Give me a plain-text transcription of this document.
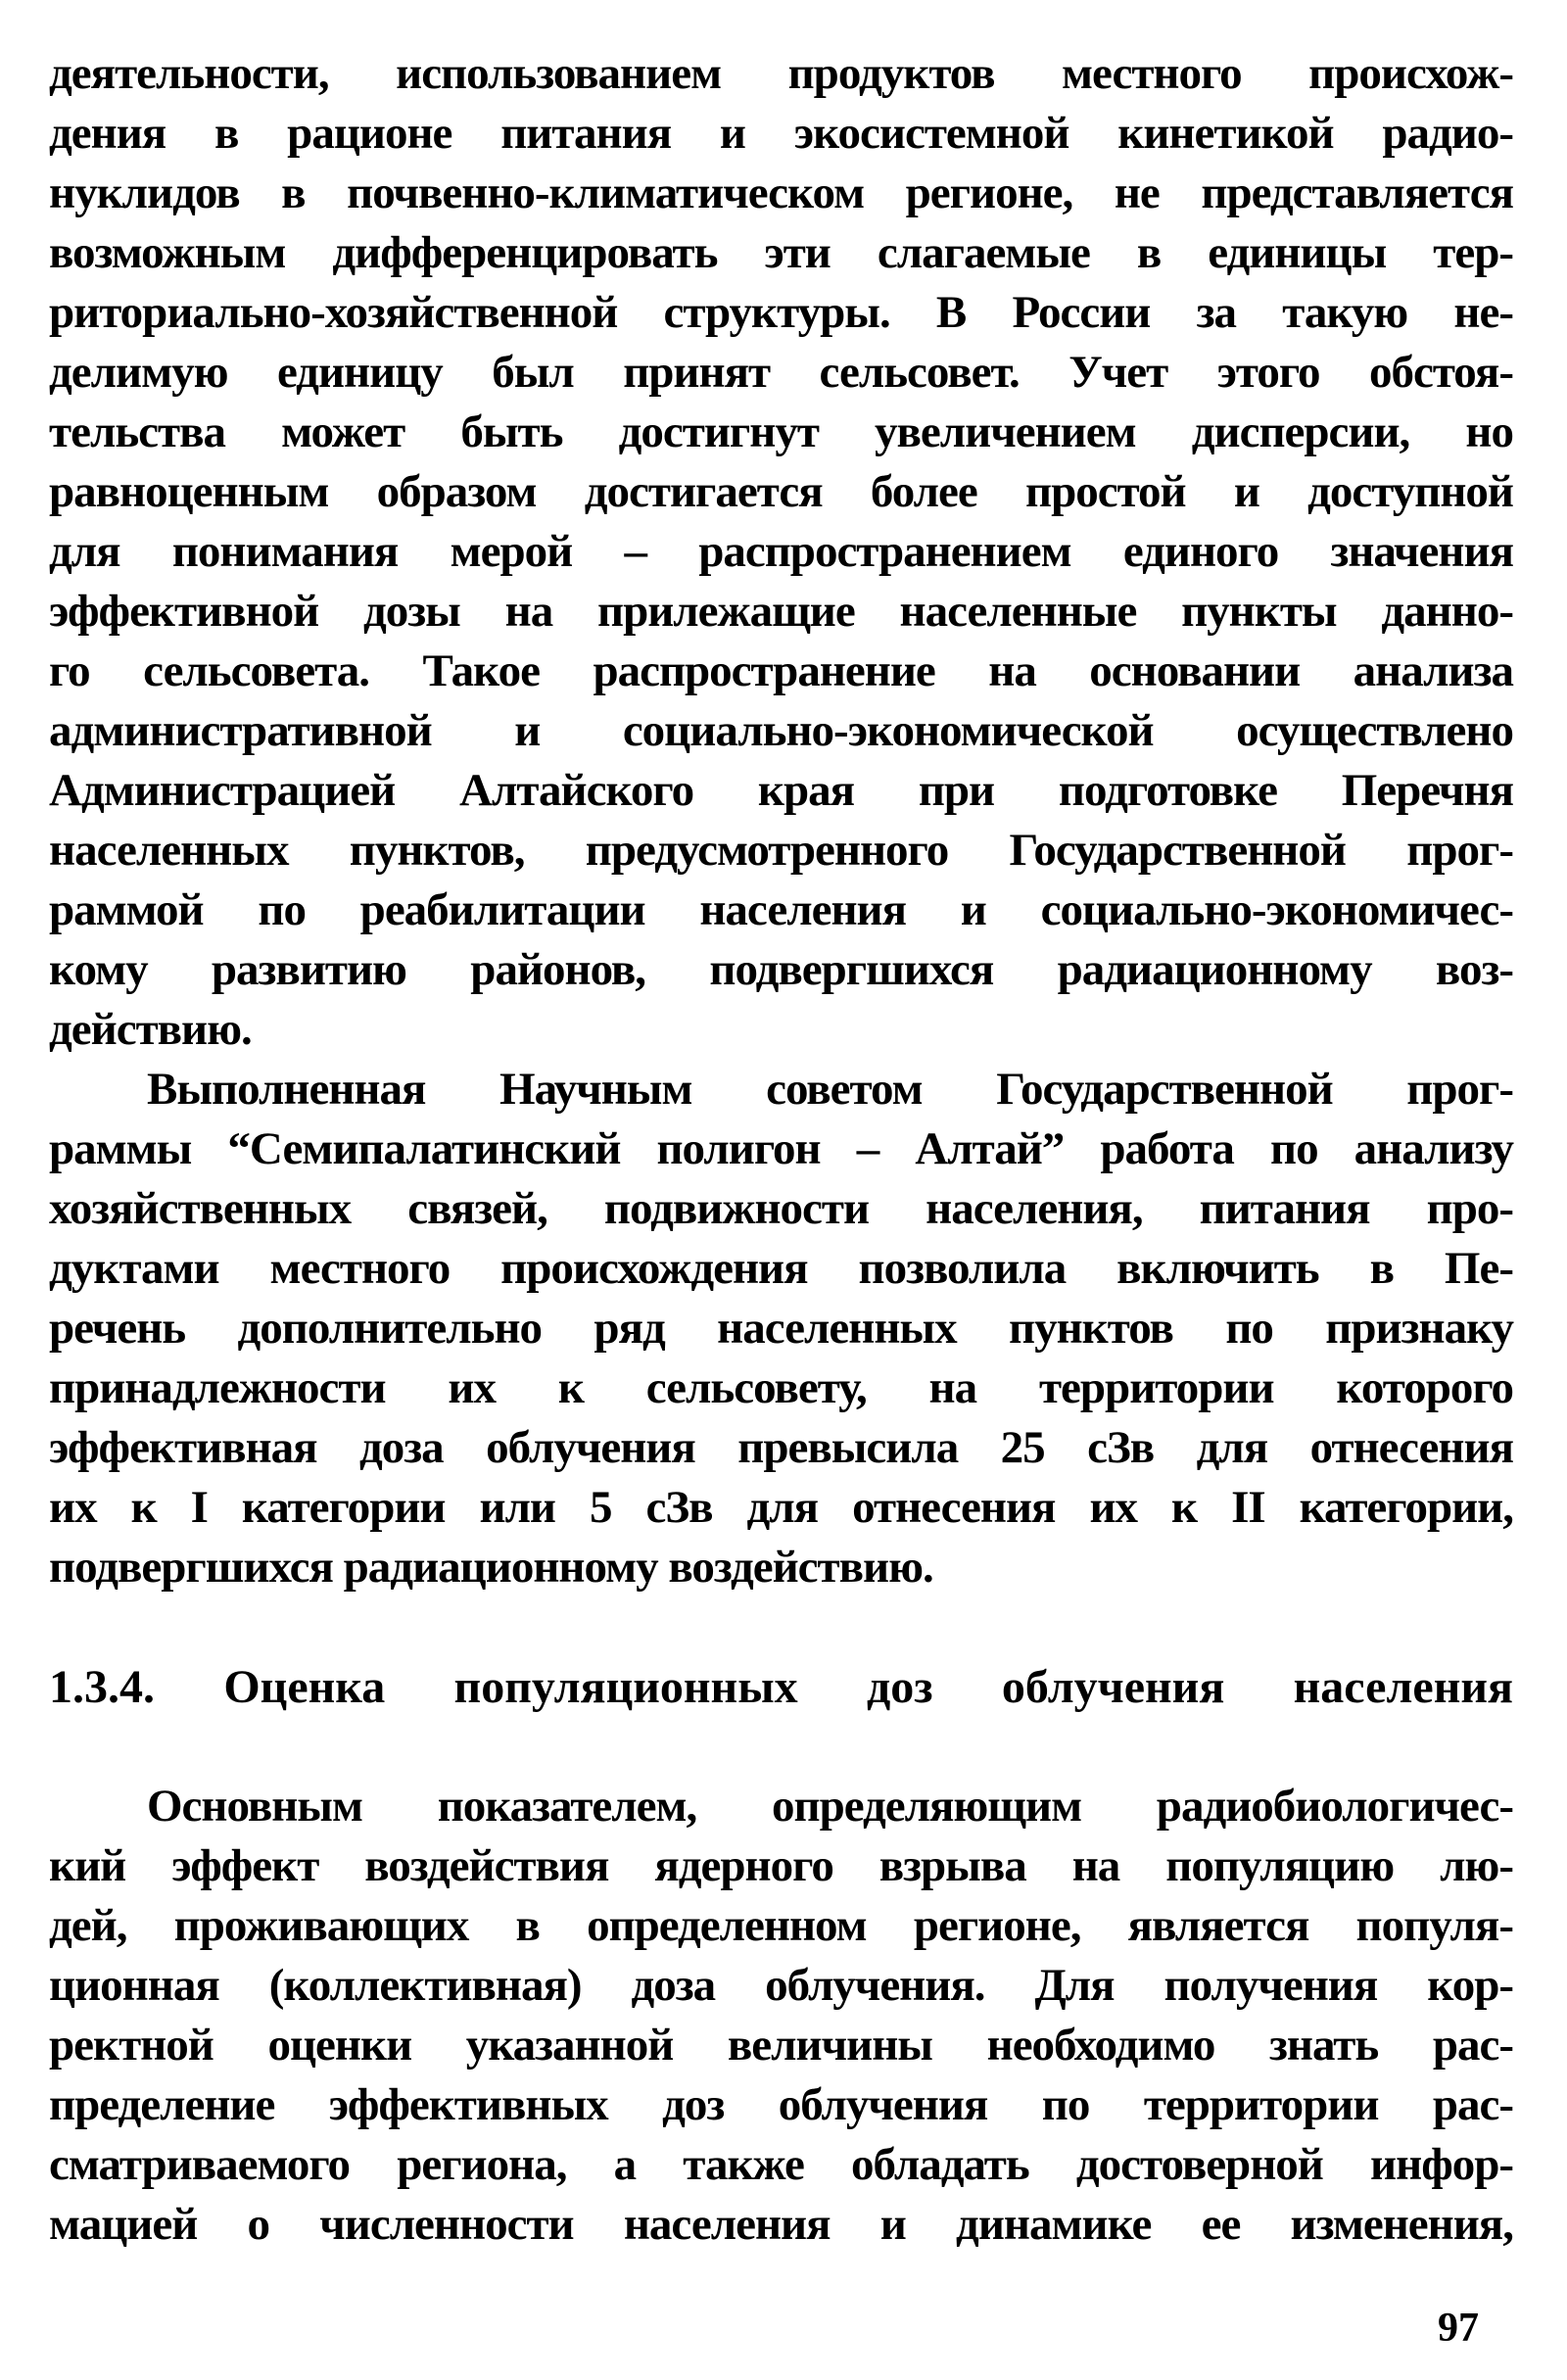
деятельности, использованием продуктов местного происхож-
дения в рационе питания и экосистемной кинетикой радио-
нуклидов в почвенно-климатическом регионе, не представляется
возможным дифференцировать эти слагаемые в единицы тер-
риториально-хозяйственной структуры. В России за такую не-
делимую единицу был принят сельсовет. Учет этого обстоя-
тельства может быть достигнут увеличением дисперсии, но
равноценным образом достигается более простой и доступной
для понимания мерой – распространением единого значения
эффективной дозы на прилежащие населенные пункты данно-
го сельсовета. Такое распространение на основании анализа
административной и социально-экономической осуществлено
Администрацией Алтайского края при подготовке Перечня
населенных пунктов, предусмотренного Государственной прог-
раммой по реабилитации населения и социально-экономичес-
кому развитию районов, подвергшихся радиационному воз-
действию.
Выполненная Научным советом Государственной прог-
раммы “Семипалатинский полигон – Алтай” работа по анализу
хозяйственных связей, подвижности населения, питания про-
дуктами местного происхождения позволила включить в Пе-
речень дополнительно ряд населенных пунктов по признаку
принадлежности их к сельсовету, на территории которого
эффективная доза облучения превысила 25 сЗв для отнесения
их к I категории или 5 сЗв для отнесения их к II категории,
подвергшихся радиационному воздействию.
1.3.4. Оценка популяционных доз облучения населения
Основным показателем, определяющим радиобиологичес-
кий эффект воздействия ядерного взрыва на популяцию лю-
дей, проживающих в определенном регионе, является популя-
ционная (коллективная) доза облучения. Для получения кор-
ректной оценки указанной величины необходимо знать рас-
пределение эффективных доз облучения по территории рас-
сматриваемого региона, а также обладать достоверной инфор-
мацией о численности населения и динамике ее изменения,
97
